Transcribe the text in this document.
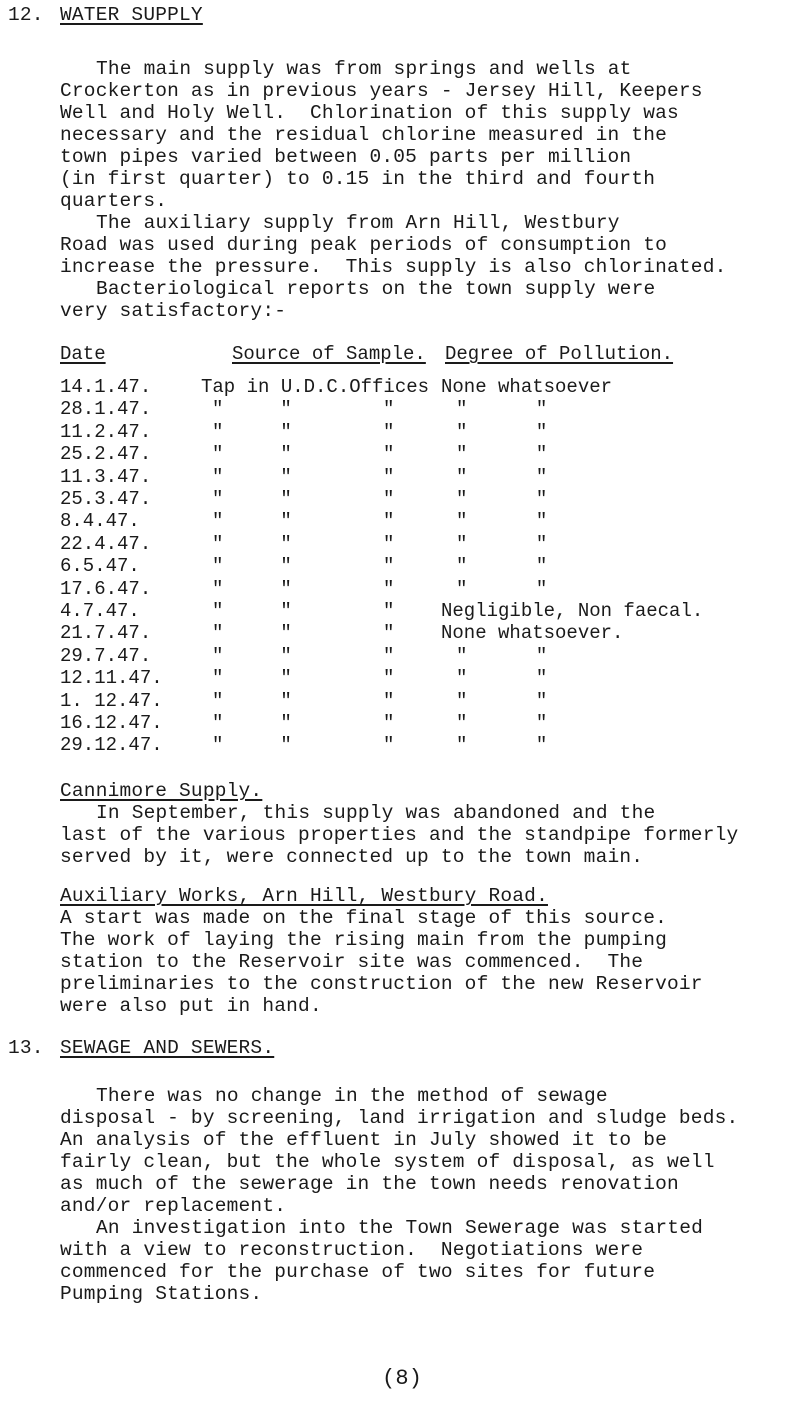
12. WATER SUPPLY
The main supply was from springs and wells at
Crockerton as in previous years - Jersey Hill, Keepers
Well and Holy Well.  Chlorination of this supply was
necessary and the residual chlorine measured in the
town pipes varied between 0.05 parts per million
(in first quarter) to 0.15 in the third and fourth
quarters.
The auxiliary supply from Arn Hill, Westbury
Road was used during peak periods of consumption to
increase the pressure.  This supply is also chlorinated.
Bacteriological reports on the town supply were
very satisfactory:-
Date	Source of Sample. Degree of Pollution.
14.1.47.	Tap in U.D.C.Offices None whatsoever
28.1.47.	"     "        "	"      "
11.2.47.	"     "        "	"      "
25.2.47.	"     "        "	"      "
11.3.47.	"     "        "	"      "
25.3.47.	"     "        "	"      "
8.4.47.	"     "        "	"      "
22.4.47.	"     "        "	"      "
6.5.47.	"     "        "	"      "
17.6.47.	"     "        "	"      "
4.7.47.	"     "        " Negligible, Non faecal.
21.7.47.	"     "        " None whatsoever.
29.7.47.	"     "        "	"      "
12.11.47.	"     "        "	"      "
1. 12.47.	"     "        "	"      "
16.12.47.	"     "        "	"      "
29.12.47.	"     "        "	"      "
Cannimore Supply.
In September, this supply was abandoned and the
last of the various properties and the standpipe formerly
served by it, were connected up to the town main.
Auxiliary Works, Arn Hill, Westbury Road.
A start was made on the final stage of this source.
The work of laying the rising main from the pumping
station to the Reservoir site was commenced.  The
preliminaries to the construction of the new Reservoir
were also put in hand.
13. SEWAGE AND SEWERS.
There was no change in the method of sewage
disposal - by screening, land irrigation and sludge beds.
An analysis of the effluent in July showed it to be
fairly clean, but the whole system of disposal, as well
as much of the sewerage in the town needs renovation
and/or replacement.
An investigation into the Town Sewerage was started
with a view to reconstruction.  Negotiations were
commenced for the purchase of two sites for future
Pumping Stations.
(8)
